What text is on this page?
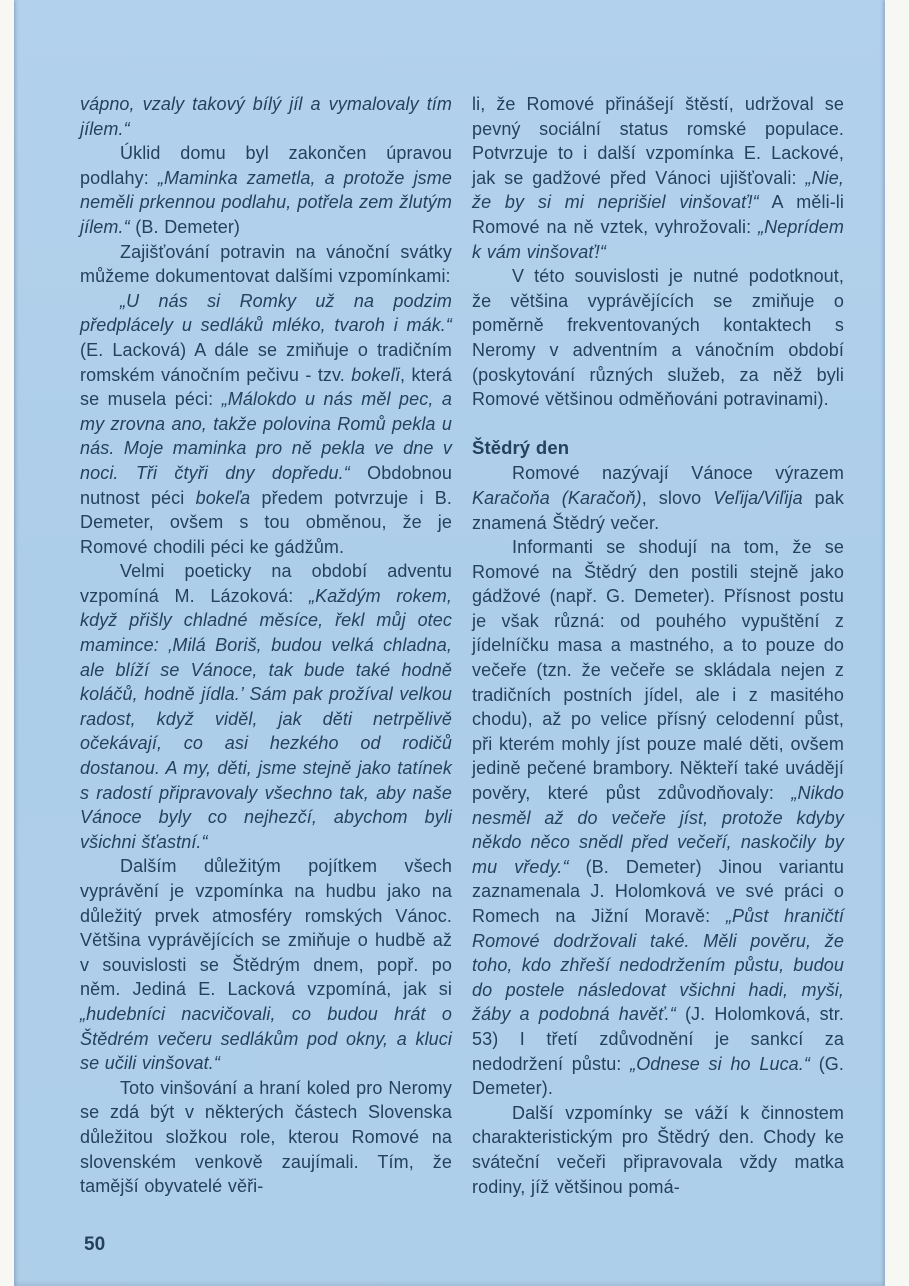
vápno, vzaly takový bílý jíl a vymalovaly tím jílem.“

Úklid domu byl zakončen úpravou podlahy: „Maminka zametla, a protože jsme neměli prkennou podlahu, potřela zem žlutým jílem.“ (B. Demeter)

Zajišťování potravin na vánoční svátky můžeme dokumentovat dalšími vzpomínkami:

„U nás si Romky už na podzim předplácely u sedláků mléko, tvaroh i mák.“ (E. Lacková) A dále se zmiňuje o tradičním romském vánočním pečivu - tzv. bokeľi, která se musela péci: „Málokdo u nás měl pec, a my zrovna ano, takže polovina Romů pekla u nás. Moje maminka pro ně pekla ve dne v noci. Tři čtyři dny dopředu.“ Obdobnou nutnost péci bokeľa předem potvrzuje i B. Demeter, ovšem s tou obměnou, že je Romové chodili péci ke gádžům.

Velmi poeticky na období adventu vzpomíná M. Lázoková: „Každým rokem, když přišly chladné měsíce, řekl můj otec mamince: ‚Milá Boriš, budou velká chladna, ale blíží se Vánoce, tak bude také hodně koláčů, hodně jídla.’ Sám pak prožíval velkou radost, když viděl, jak děti netrpělivě očekávají, co asi hezkého od rodičů dostanou. A my, děti, jsme stejně jako tatínek s radostí připravovaly všechno tak, aby naše Vánoce byly co nejhezčí, abychom byli všichni šťastní.“

Dalším důležitým pojítkem všech vyprávění je vzpomínka na hudbu jako na důležitý prvek atmosféry romských Vánoc. Většina vyprávějících se zmiňuje o hudbě až v souvislosti se Štědrým dnem, popř. po něm. Jediná E. Lacková vzpomíná, jak si „hudebníci nacvičovali, co budou hrát o Štědrém večeru sedlákům pod okny, a kluci se učili vinšovat.“

Toto vinšování a hraní koled pro Neromy se zdá být v některých částech Slovenska důležitou složkou role, kterou Romové na slovenském venkově zaujímali. Tím, že tamější obyvatelé věři-

li, že Romové přinášejí štěstí, udržoval se pevný sociální status romské populace. Potvrzuje to i další vzpomínka E. Lackové, jak se gadžové před Vánoci ujišťovali: „Nie, že by si mi neprišiel vinšovať!“ A měli-li Romové na ně vztek, vyhrožovali: „Neprídem k vám vinšovať!“

V této souvislosti je nutné podotknout, že většina vyprávějících se zmiňuje o poměrně frekventovaných kontaktech s Neromy v adventním a vánočním období (poskytování různých služeb, za něž byli Romové většinou odměňováni potravinami).

Štědrý den

Romové nazývají Vánoce výrazem Karačoňa (Karačoň), slovo Veľija/Viľija pak znamená Štědrý večer.

Informanti se shodují na tom, že se Romové na Štědrý den postili stejně jako gádžové (např. G. Demeter). Přísnost postu je však různá: od pouhého vypuštění z jídelníčku masa a mastného, a to pouze do večeře (tzn. že večeře se skládala nejen z tradičních postních jídel, ale i z masitého chodu), až po velice přísný celodenní půst, při kterém mohly jíst pouze malé děti, ovšem jedině pečené brambory. Někteří také uvádějí pověry, které půst zdůvodňovaly: „Nikdo nesměl až do večeře jíst, protože kdyby někdo něco snědl před večeří, naskočily by mu vředy.“ (B. Demeter) Jinou variantu zaznamenala J. Holomková ve své práci o Romech na Jižní Moravě: „Půst hraničtí Romové dodržovali také. Měli pověru, že toho, kdo zhřeší nedodržením půstu, budou do postele následovat všichni hadi, myši, žáby a podobná havěť.“ (J. Holomková, str. 53) I třetí zdůvodnění je sankcí za nedodržení půstu: „Odnese si ho Luca.“ (G. Demeter).

Další vzpomínky se váží k činnostem charakteristickým pro Štědrý den. Chody ke sváteční večeři připravovala vždy matka rodiny, jíž většinou pomá-

50
